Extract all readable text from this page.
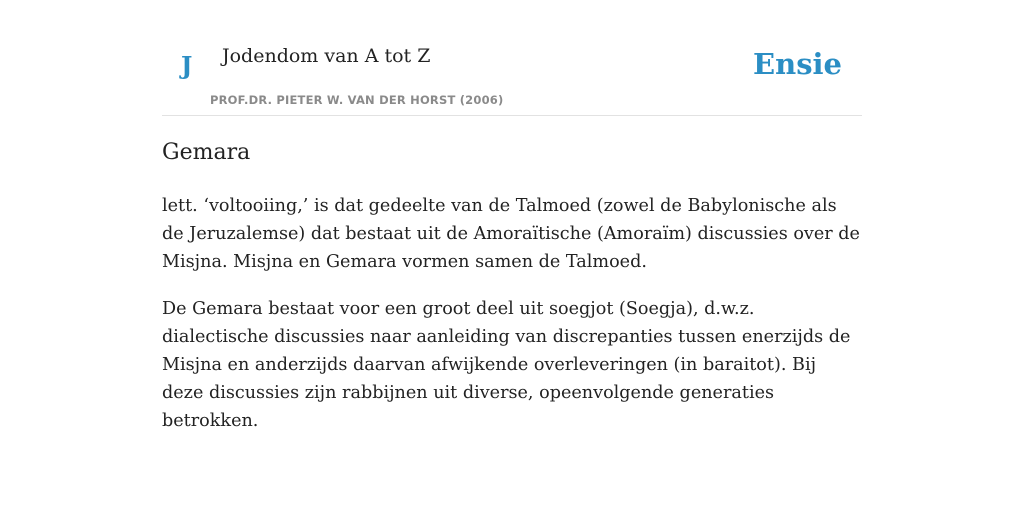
J Jodendom van A tot Z
PROF.DR. PIETER W. VAN DER HORST (2006)
Ensie
Gemara

lett. ‘voltooiing,’ is dat gedeelte van de Talmoed (zowel de Babylonische als de Jeruzalemse) dat bestaat uit de Amoraïtische (Amoraïm) discussies over de Misjna. Misjna en Gemara vormen samen de Talmoed.

De Gemara bestaat voor een groot deel uit soegjot (Soegja), d.w.z. dialectische discussies naar aanleiding van discrepanties tussen enerzijds de Misjna en anderzijds daarvan afwijkende overleveringen (in baraitot). Bij deze discussies zijn rabbijnen uit diverse, opeenvolgende generaties betrokken.
